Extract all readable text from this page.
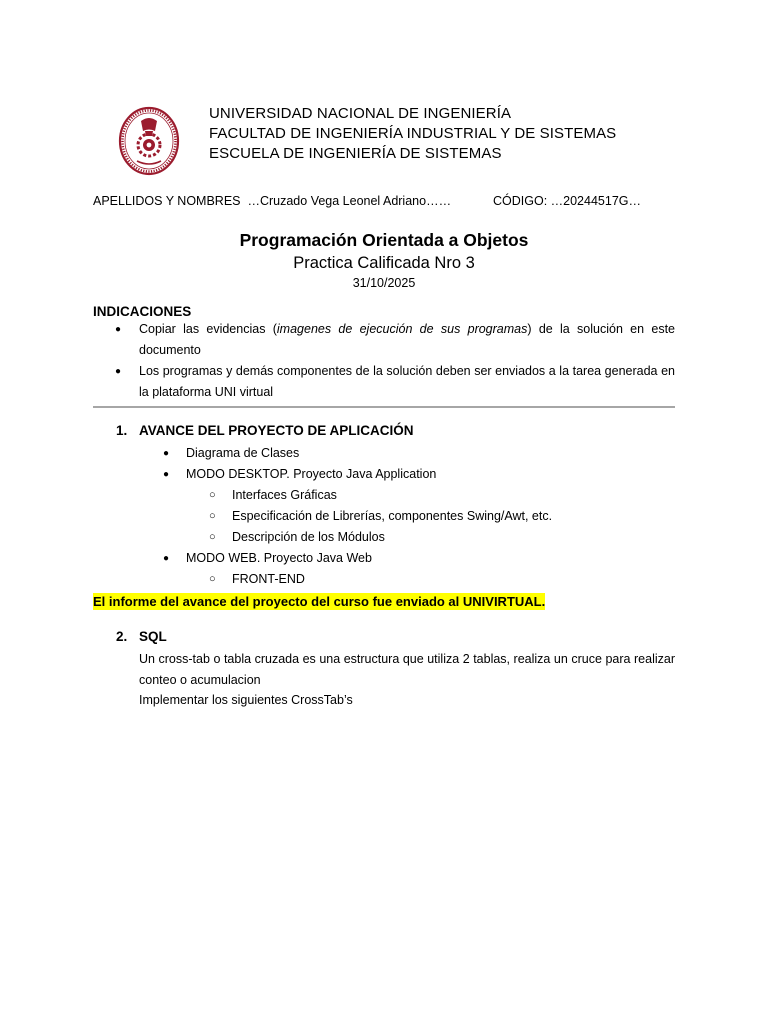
UNIVERSIDAD NACIONAL DE INGENIERÍA
FACULTAD DE INGENIERÍA INDUSTRIAL Y DE SISTEMAS
ESCUELA DE INGENIERÍA DE SISTEMAS
APELLIDOS Y NOMBRES …Cruzado Vega Leonel Adriano……	CÓDIGO: …20244517G…
Programación Orientada a Objetos
Practica Calificada Nro 3
31/10/2025
INDICACIONES
● Copiar las evidencias (imagenes de ejecución de sus programas) de la solución en este documento
● Los programas y demás componentes de la solución deben ser enviados a la tarea generada en la plataforma UNI virtual
1. AVANCE DEL PROYECTO DE APLICACIÓN
● Diagrama de Clases
● MODO DESKTOP. Proyecto Java Application
○ Interfaces Gráficas
○ Especificación de Librerías, componentes Swing/Awt, etc.
○ Descripción de los Módulos
● MODO WEB. Proyecto Java Web
○ FRONT-END
El informe del avance del proyecto del curso fue enviado al UNIVIRTUAL.
2. SQL

Un cross-tab o tabla cruzada es una estructura que utiliza 2 tablas, realiza un cruce para realizar conteo o acumulacion

Implementar los siguientes CrossTab’s
